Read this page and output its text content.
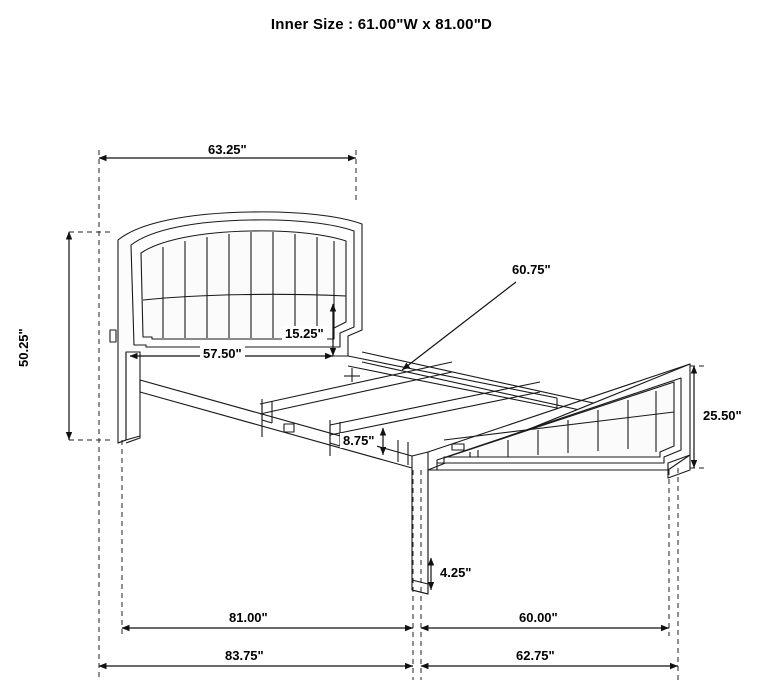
Inner Size : 61.00"W x 81.00"D
63.25"
50.25"	57.50"
15.25"
60.75"
8.75"
25.50"
4.25"
81.00"	60.00"
83.75"	62.75"
